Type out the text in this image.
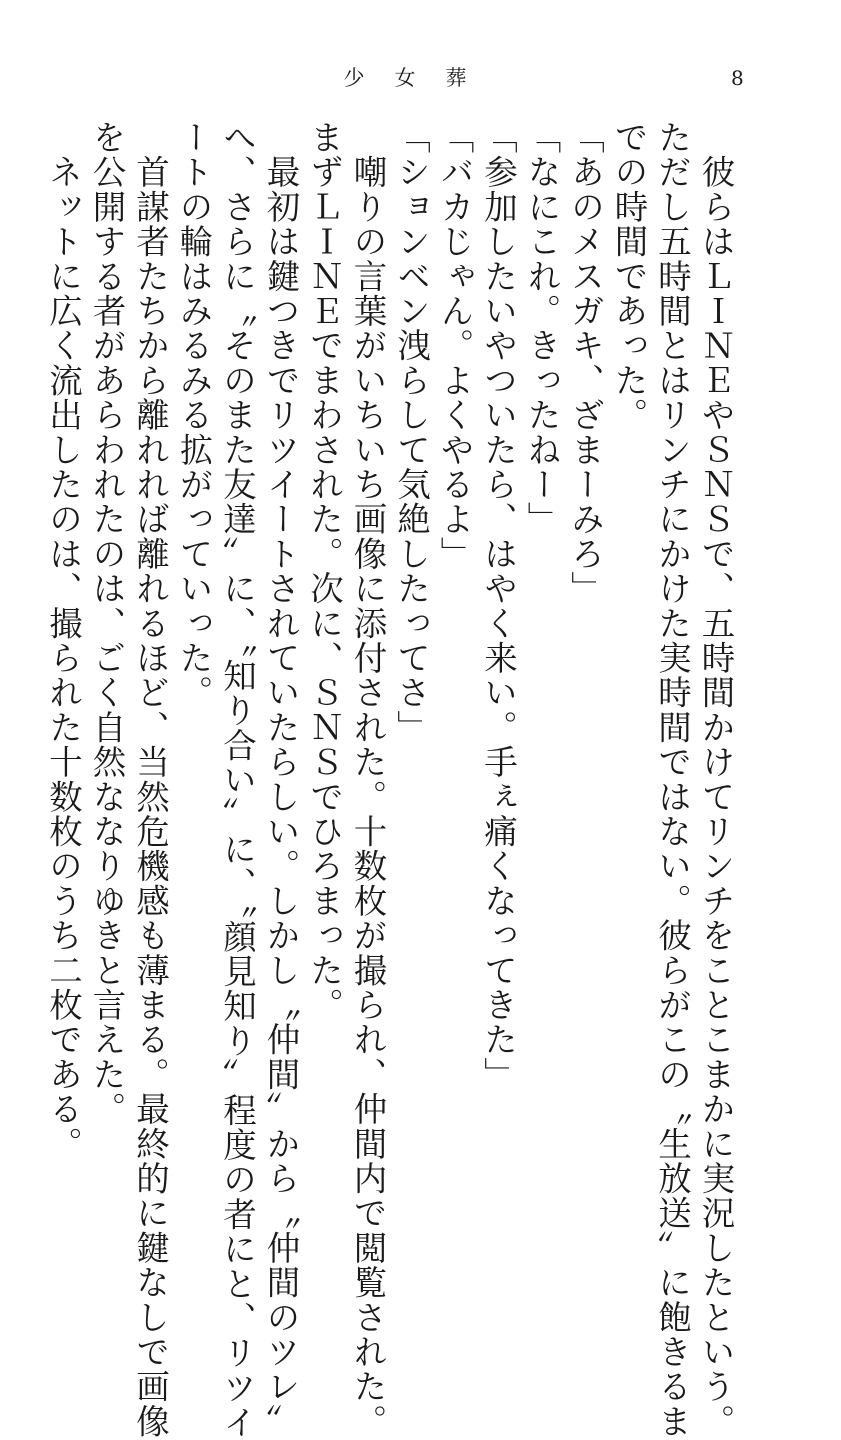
少女葬	8

　彼らはＬＩＮＥやＳＮＳで、五時間かけてリンチをことこまかに実況したという。

ただし五時間とはリンチにかけた実時間ではない。彼らがこの〝生放送〟に飽きるま

での時間であった。

「あのメスガキ、ざまーみろ」

「なにこれ。きったねー」

「参加したいやついたら、はやく来い。手ぇ痛くなってきた」

「バカじゃん。よくやるよ」

「ションベン洩らして気絶したってさ」

　嘲りの言葉がいちいち画像に添付された。十数枚が撮られ、仲間内で閲覧された。

まずＬＩＮＥでまわされた。次に、ＳＮＳでひろまった。

　最初は鍵つきでリツイートされていたらしい。しかし〝仲間〟から〝仲間のツレ〟

へ、さらに〝そのまた友達〟に、〝知り合い〟に、〝顔見知り〟程度の者にと、リツイ

ートの輪はみるみる拡がっていった。

　首謀者たちから離れれば離れるほど、当然危機感も薄まる。最終的に鍵なしで画像

を公開する者があらわれたのは、ごく自然ななりゆきと言えた。

　ネットに広く流出したのは、撮られた十数枚のうち二枚である。
